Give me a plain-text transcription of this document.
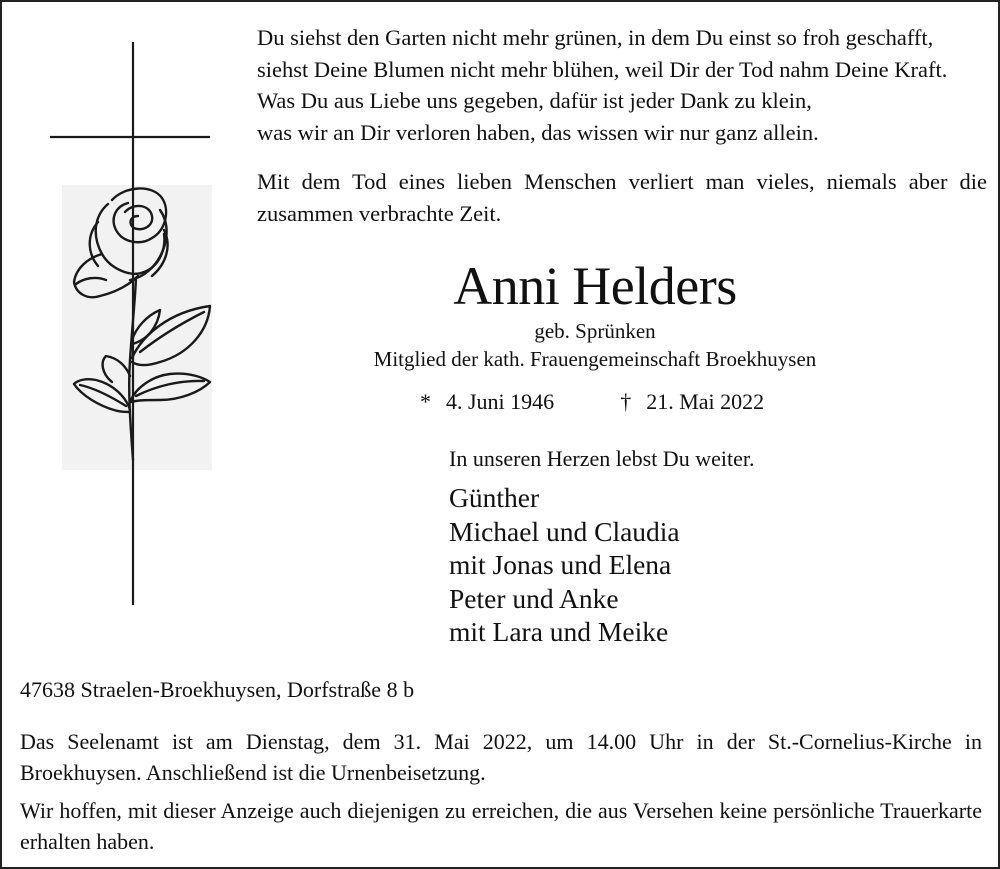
Du siehst den Garten nicht mehr grünen, in dem Du einst so froh geschafft,
siehst Deine Blumen nicht mehr blühen, weil Dir der Tod nahm Deine Kraft.
Was Du aus Liebe uns gegeben, dafür ist jeder Dank zu klein,
was wir an Dir verloren haben, das wissen wir nur ganz allein.
Mit dem Tod eines lieben Menschen verliert man vieles, niemals aber die zusammen verbrachte Zeit.
Anni Helders
geb. Sprünken
Mitglied der kath. Frauengemeinschaft Broekhuysen
* 4. Juni 1946	† 21. Mai 2022
In unseren Herzen lebst Du weiter.
Günther
Michael und Claudia
mit Jonas und Elena
Peter und Anke
mit Lara und Meike
47638 Straelen-Broekhuysen, Dorfstraße 8 b
Das Seelenamt ist am Dienstag, dem 31. Mai 2022, um 14.00 Uhr in der St.-Cornelius-Kirche in Broekhuysen. Anschließend ist die Urnenbeisetzung.
Wir hoffen, mit dieser Anzeige auch diejenigen zu erreichen, die aus Versehen keine persönliche Trauerkarte erhalten haben.
